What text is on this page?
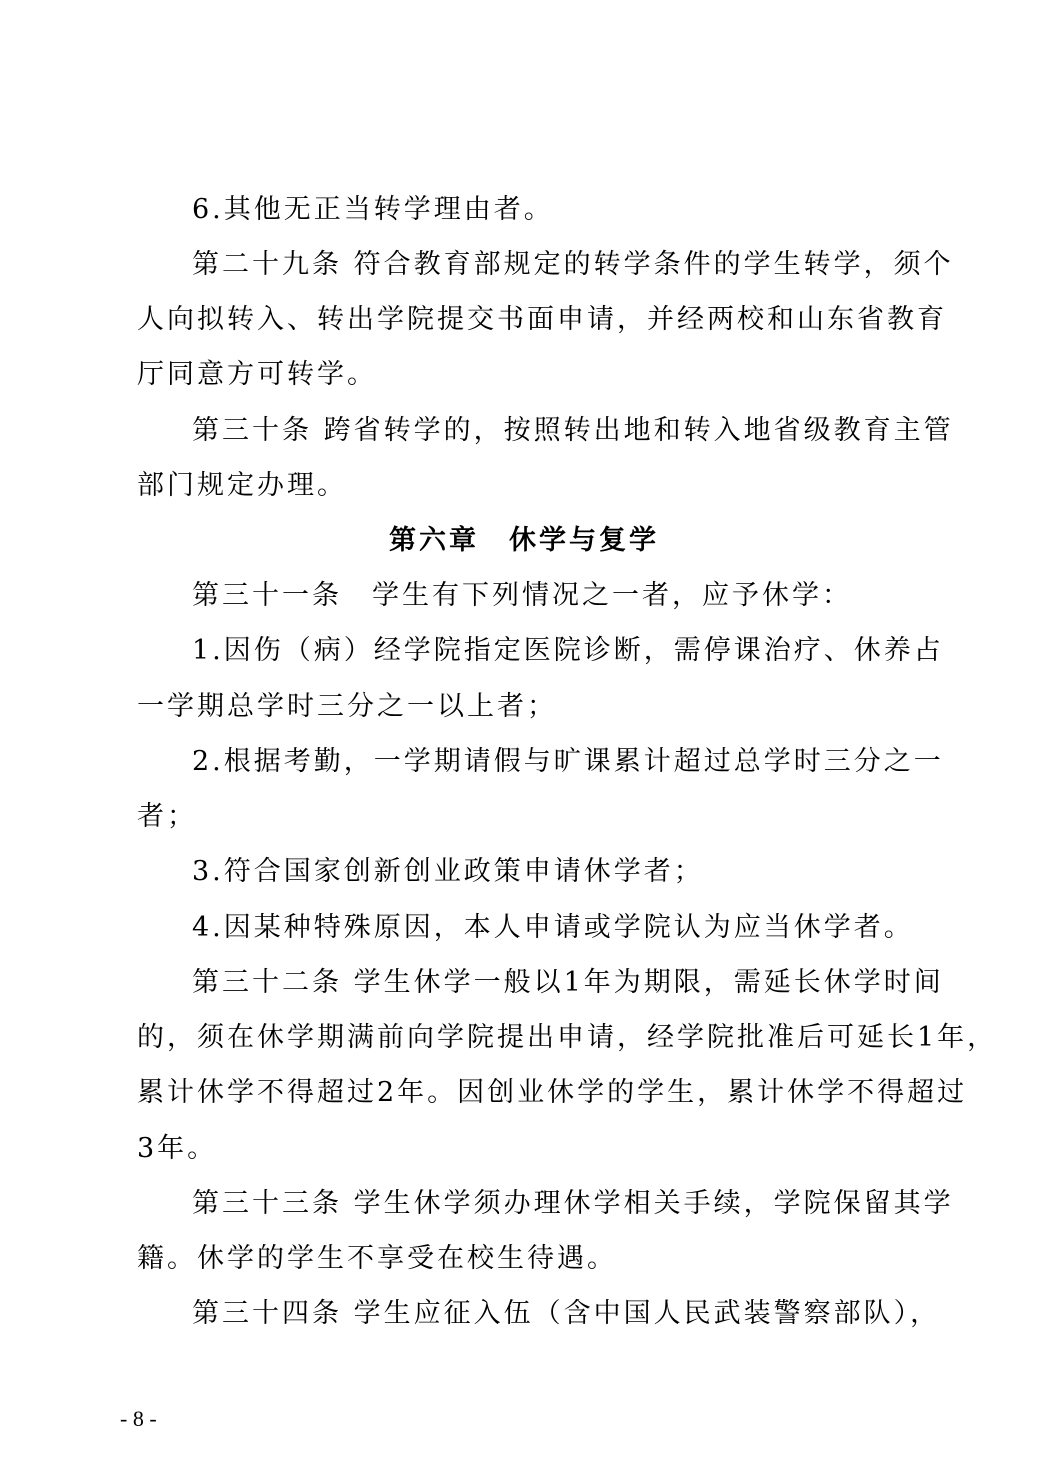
6.其他无正当转学理由者。
第二十九条 符合教育部规定的转学条件的学生转学，须个
人向拟转入、转出学院提交书面申请，并经两校和山东省教育
厅同意方可转学。
第三十条 跨省转学的，按照转出地和转入地省级教育主管
部门规定办理。
第六章　休学与复学
第三十一条　学生有下列情况之一者，应予休学：
1.因伤（病）经学院指定医院诊断，需停课治疗、休养占
一学期总学时三分之一以上者；
2.根据考勤，一学期请假与旷课累计超过总学时三分之一
者；
3.符合国家创新创业政策申请休学者；
4.因某种特殊原因，本人申请或学院认为应当休学者。
第三十二条 学生休学一般以1年为期限，需延长休学时间
的，须在休学期满前向学院提出申请，经学院批准后可延长1年，
累计休学不得超过2年。因创业休学的学生，累计休学不得超过
3年。
第三十三条 学生休学须办理休学相关手续，学院保留其学
籍。休学的学生不享受在校生待遇。
第三十四条 学生应征入伍（含中国人民武装警察部队），
- 8 -
